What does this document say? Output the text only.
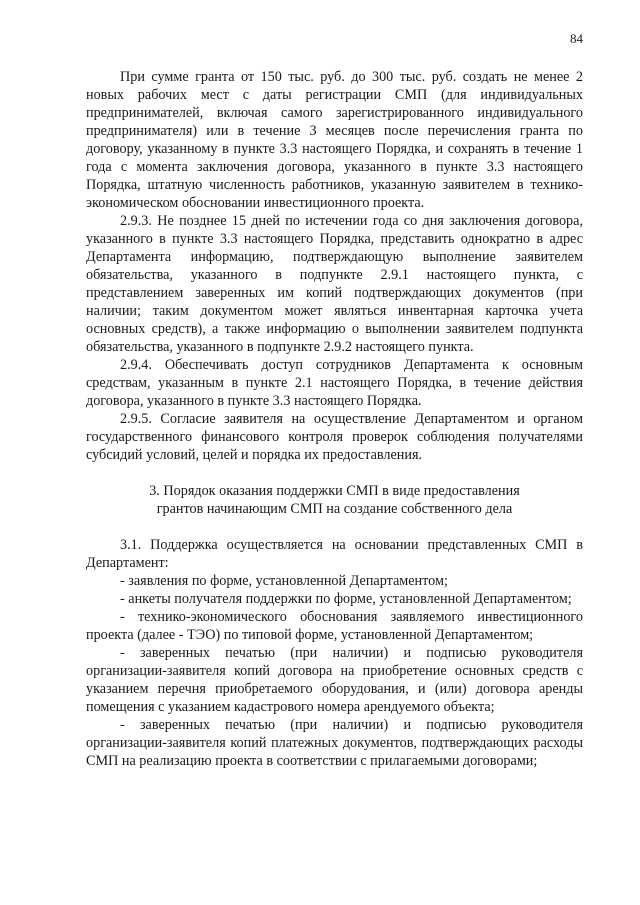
84

При сумме гранта от 150 тыс. руб. до 300 тыс. руб. создать не менее 2 новых рабочих мест с даты регистрации СМП (для индивидуальных предпринимателей, включая самого зарегистрированного индивидуального предпринимателя) или в течение 3 месяцев после перечисления гранта по договору, указанному в пункте 3.3 настоящего Порядка, и сохранять в течение 1 года с момента заключения договора, указанного в пункте 3.3 настоящего Порядка, штатную численность работников, указанную заявителем в технико-экономическом обосновании инвестиционного проекта.

2.9.3. Не позднее 15 дней по истечении года со дня заключения договора, указанного в пункте 3.3 настоящего Порядка, представить однократно в адрес Департамента информацию, подтверждающую выполнение заявителем обязательства, указанного в подпункте 2.9.1 настоящего пункта, с представлением заверенных им копий подтверждающих документов (при наличии; таким документом может являться инвентарная карточка учета основных средств), а также информацию о выполнении заявителем подпункта обязательства, указанного в подпункте 2.9.2 настоящего пункта.

2.9.4. Обеспечивать доступ сотрудников Департамента к основным средствам, указанным в пункте 2.1 настоящего Порядка, в течение действия договора, указанного в пункте 3.3 настоящего Порядка.

2.9.5. Согласие заявителя на осуществление Департаментом и органом государственного финансового контроля проверок соблюдения получателями субсидий условий, целей и порядка их предоставления.

3. Порядок оказания поддержки СМП в виде предоставления грантов начинающим СМП на создание собственного дела

3.1. Поддержка осуществляется на основании представленных СМП в Департамент:

- заявления по форме, установленной Департаментом;

- анкеты получателя поддержки по форме, установленной Департаментом;

- технико-экономического обоснования заявляемого инвестиционного проекта (далее - ТЭО) по типовой форме, установленной Департаментом;

- заверенных печатью (при наличии) и подписью руководителя организации-заявителя копий договора на приобретение основных средств с указанием перечня приобретаемого оборудования, и (или) договора аренды помещения с указанием кадастрового номера арендуемого объекта;

- заверенных печатью (при наличии) и подписью руководителя организации-заявителя копий платежных документов, подтверждающих расходы СМП на реализацию проекта в соответствии с прилагаемыми договорами;
